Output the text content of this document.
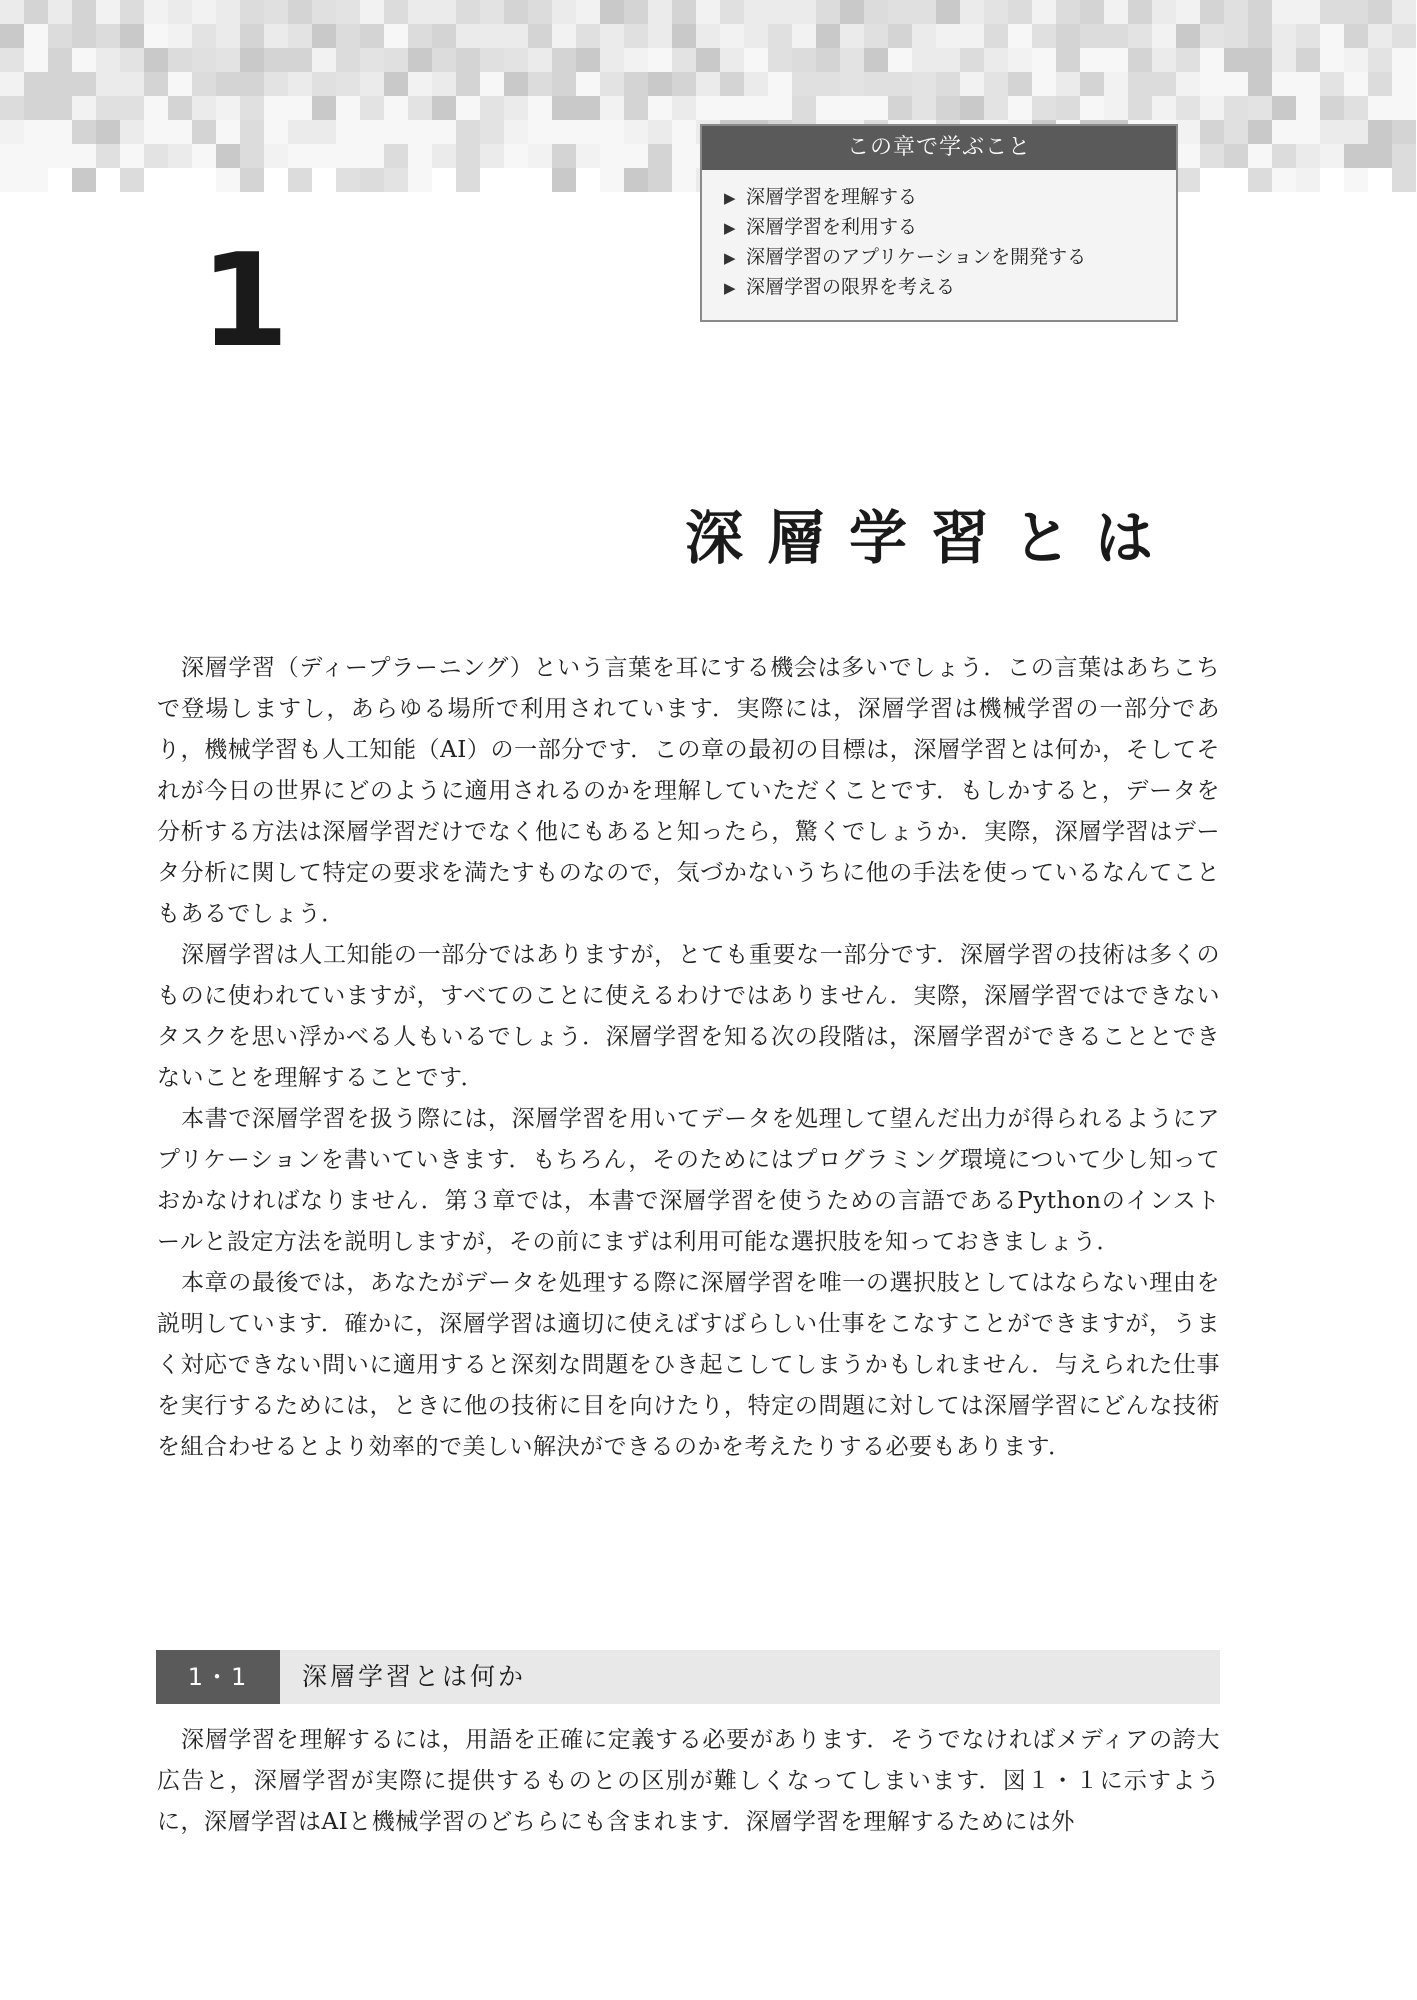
この章で学ぶこと
▶ 深層学習を理解する
▶ 深層学習を利用する
▶ 深層学習のアプリケーションを開発する
▶ 深層学習の限界を考える
1
深層学習とは

深層学習（ディープラーニング）という言葉を耳にする機会は多いでしょう．この言葉はあちこちで登場しますし，あらゆる場所で利用されています．実際には，深層学習は機械学習の一部分であり，機械学習も人工知能（AI）の一部分です．この章の最初の目標は，深層学習とは何か，そしてそれが今日の世界にどのように適用されるのかを理解していただくことです．もしかすると，データを分析する方法は深層学習だけでなく他にもあると知ったら，驚くでしょうか．実際，深層学習はデータ分析に関して特定の要求を満たすものなので，気づかないうちに他の手法を使っているなんてこともあるでしょう．

深層学習は人工知能の一部分ではありますが，とても重要な一部分です．深層学習の技術は多くのものに使われていますが，すべてのことに使えるわけではありません．実際，深層学習ではできないタスクを思い浮かべる人もいるでしょう．深層学習を知る次の段階は，深層学習ができることとできないことを理解することです．

本書で深層学習を扱う際には，深層学習を用いてデータを処理して望んだ出力が得られるようにアプリケーションを書いていきます．もちろん，そのためにはプログラミング環境について少し知っておかなければなりません．第３章では，本書で深層学習を使うための言語であるPythonのインストールと設定方法を説明しますが，その前にまずは利用可能な選択肢を知っておきましょう．

本章の最後では，あなたがデータを処理する際に深層学習を唯一の選択肢としてはならない理由を説明しています．確かに，深層学習は適切に使えばすばらしい仕事をこなすことができますが，うまく対応できない問いに適用すると深刻な問題をひき起こしてしまうかもしれません．与えられた仕事を実行するためには，ときに他の技術に目を向けたり，特定の問題に対しては深層学習にどんな技術を組合わせるとより効率的で美しい解決ができるのかを考えたりする必要もあります．

1・1	深層学習とは何か

深層学習を理解するには，用語を正確に定義する必要があります．そうでなければメディアの誇大広告と，深層学習が実際に提供するものとの区別が難しくなってしまいます．図１・１に示すように，深層学習はAIと機械学習のどちらにも含まれます．深層学習を理解するためには外
